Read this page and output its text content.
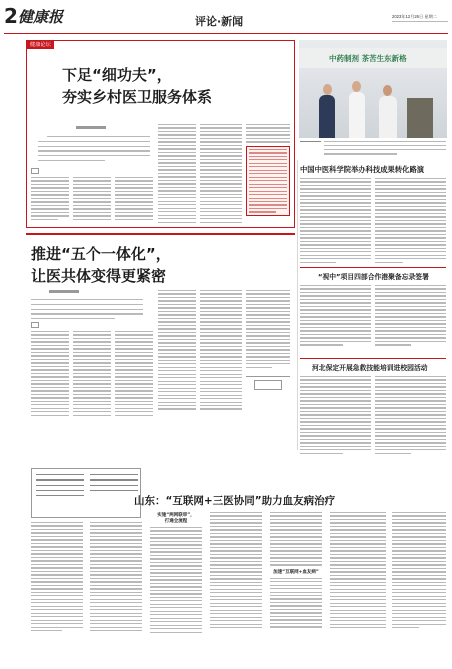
2 健康报	评论·新闻	2023年12月26日 星期二
健康论坛
下足“细功夫”，
夯实乡村医卫服务体系
中药制剂 茶苦生东新格
中国中医科学院举办科技成果转化路演
“视中”项目四部合作港聚备忘录签署
河北保定开展急救技能培训进校园活动
推进“五个一体化”，
让医共体变得更紧密
山东：“互联网+三医协同”助力血友病治疗
实施“两网联审”，
打通全流程
加速“互联网+血友病”
